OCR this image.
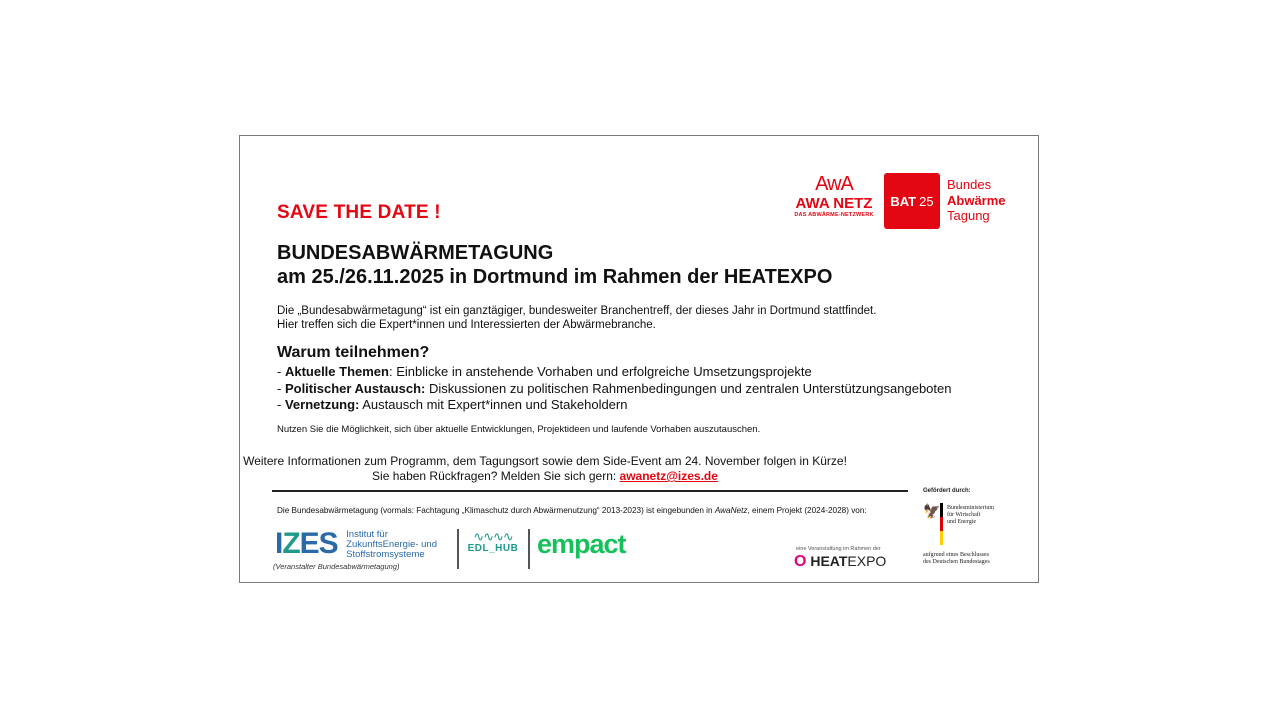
AwA
AWA NETZ
DAS ABWÄRME-NETZWERK
BAT 25
Bundes
Abwärme
Tagung
SAVE THE DATE !
BUNDESABWÄRMETAGUNG
am 25./26.11.2025 in Dortmund im Rahmen der HEATEXPO
Die „Bundesabwärmetagung“ ist ein ganztägiger, bundesweiter Branchentreff, der dieses Jahr in Dortmund stattfindet.
Hier treffen sich die Expert*innen und Interessierten der Abwärmebranche.
Warum teilnehmen?
- Aktuelle Themen: Einblicke in anstehende Vorhaben und erfolgreiche Umsetzungsprojekte
- Politischer Austausch: Diskussionen zu politischen Rahmenbedingungen und zentralen Unterstützungsangeboten
- Vernetzung: Austausch mit Expert*innen und Stakeholdern
Nutzen Sie die Möglichkeit, sich über aktuelle Entwicklungen, Projektideen und laufende Vorhaben auszutauschen.
Weitere Informationen zum Programm, dem Tagungsort sowie dem Side-Event am 24. November folgen in Kürze!
Sie haben Rückfragen? Melden Sie sich gern: awanetz@izes.de
Die Bundesabwärmetagung (vormals: Fachtagung „Klimaschutz durch Abwärmenutzung“ 2013-2023) ist eingebunden in AwaNetz, einem Projekt (2024-2028) von:
IZES Institut für
ZukunftsEnergie- und
Stoffstromsysteme
(Veranstalter Bundesabwärmetagung)
∿∿∿∿
EDL_HUB empact	eine Veranstaltung im Rahmen der
O HEATEXPO
Gefördert durch:
🦅 Bundesministerium
für Wirtschaft
und Energie
aufgrund eines Beschlusses
des Deutschen Bundestages
